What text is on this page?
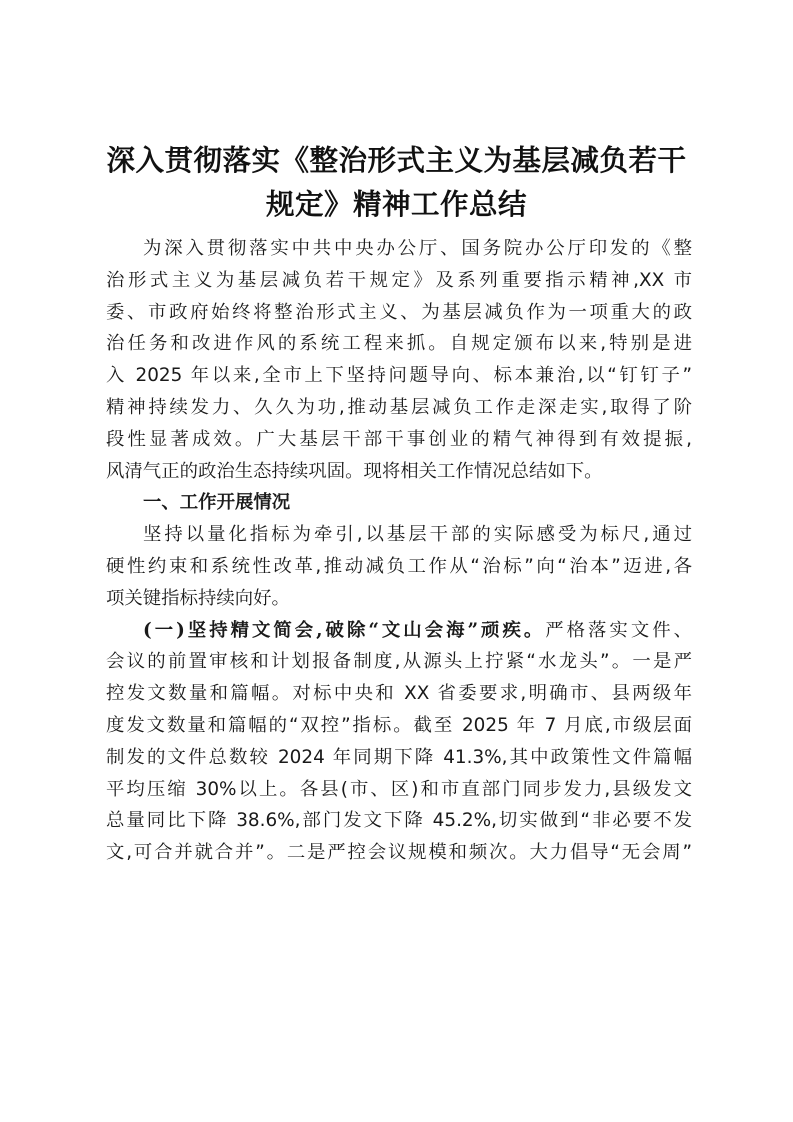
深入贯彻落实《整治形式主义为基层减负若干
规定》精神工作总结
为深入贯彻落实中共中央办公厅、国务院办公厅印发的《整
治形式主义为基层减负若干规定》及系列重要指示精神,XX 市
委、市政府始终将整治形式主义、为基层减负作为一项重大的政
治任务和改进作风的系统工程来抓。自规定颁布以来,特别是进
入 2025 年以来,全市上下坚持问题导向、标本兼治,以“钉钉子”
精神持续发力、久久为功,推动基层减负工作走深走实,取得了阶
段性显著成效。广大基层干部干事创业的精气神得到有效提振,
风清气正的政治生态持续巩固。现将相关工作情况总结如下。
一、工作开展情况
坚持以量化指标为牵引,以基层干部的实际感受为标尺,通过
硬性约束和系统性改革,推动减负工作从“治标”向“治本”迈进,各
项关键指标持续向好。
(一)坚持精文简会,破除“文山会海”顽疾。严格落实文件、
会议的前置审核和计划报备制度,从源头上拧紧“水龙头”。一是严
控发文数量和篇幅。对标中央和 XX 省委要求,明确市、县两级年
度发文数量和篇幅的“双控”指标。截至 2025 年 7 月底,市级层面
制发的文件总数较 2024 年同期下降 41.3%,其中政策性文件篇幅
平均压缩 30%以上。各县(市、区)和市直部门同步发力,县级发文
总量同比下降 38.6%,部门发文下降 45.2%,切实做到“非必要不发
文,可合并就合并”。二是严控会议规模和频次。大力倡导“无会周”
